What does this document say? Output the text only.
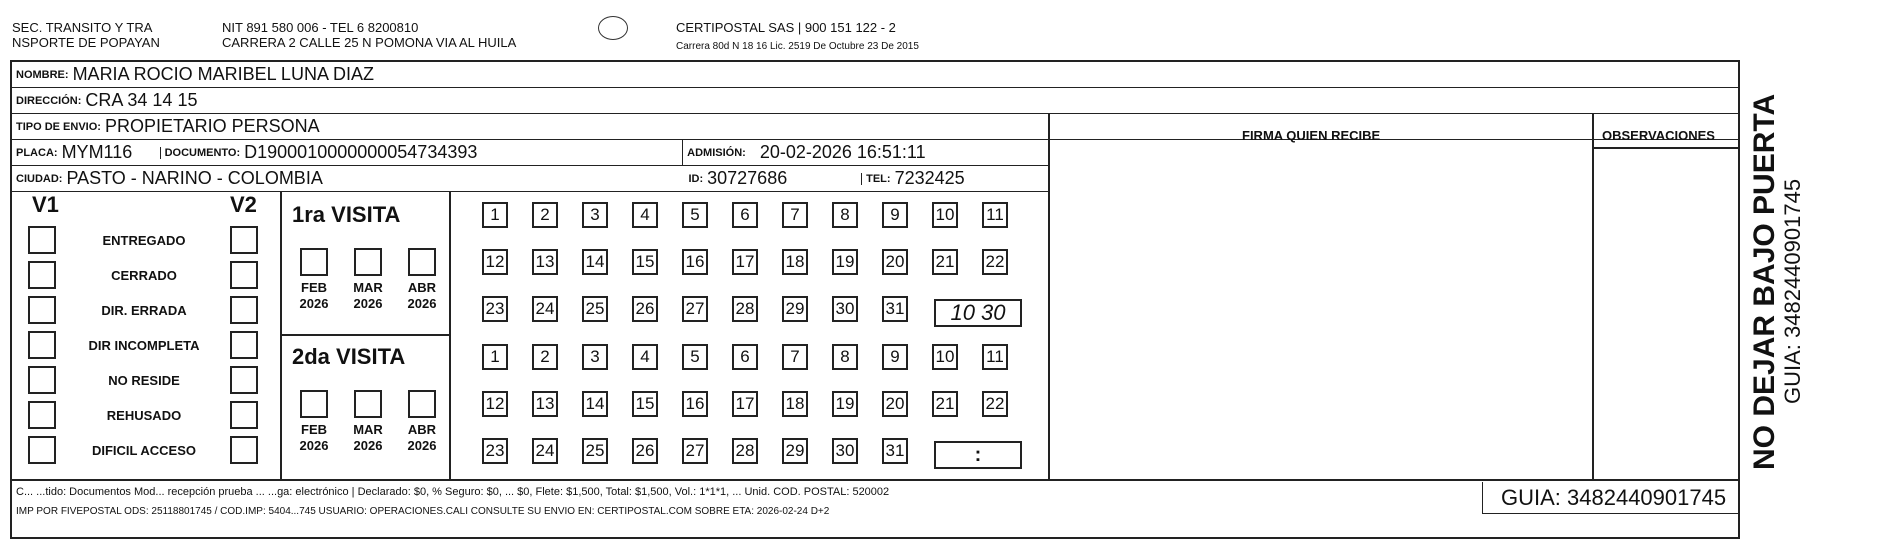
SEC. TRANSITO Y TRA
NSPORTE DE POPAYAN
NIT 891 580 006 - TEL 6 8200810
CARRERA 2 CALLE 25 N POMONA VIA AL HUILA
CERTIPOSTAL SAS | 900 151 122 - 2
Carrera 80d N 18 16 Lic. 2519 De Octubre 23 De 2015
NOMBRE: MARIA ROCIO MARIBEL LUNA DIAZ
DIRECCIÓN: CRA 34 14 15
TIPO DE ENVIO: PROPIETARIO PERSONA
PLACA: MYM116	DOCUMENTO: D1900010000000054734393	ADMISIÓN: 20-02-2026 16:51:11
CIUDAD: PASTO - NARINO - COLOMBIA	ID: 30727686	TEL: 7232425
FIRMA QUIEN RECIBE	OBSERVACIONES
V1	V2
ENTREGADO
CERRADO
DIR. ERRADA
DIR INCOMPLETA
NO RESIDE
REHUSADO
DIFICIL ACCESO
1ra VISITA
2da VISITA
FEB
2026
MAR
2026
ABR
2026
FEB
2026
MAR
2026
ABR
2026
1	2	3	4	5	6	7	8	9	10 11
12 13 14 15 16 17 18 19 20 21 22
23 24 25 26 27 28 29 30 31
1	2	3	4	5	6	7	8	9	10 11
12 13 14 15 16 17 18 19 20 21 22
23 24 25 26 27 28 29 30 31
10 30
:
C... ...tido: Documentos Mod... recepción prueba ... ...ga: electrónico | Declarado: $0, % Seguro: $0, ... $0, Flete: $1,500, Total: $1,500, Vol.: 1*1*1, ... Unid. COD. POSTAL: 520002
IMP POR FIVEPOSTAL ODS: 25118801745 / COD.IMP: 5404...745 USUARIO: OPERACIONES.CALI CONSULTE SU ENVIO EN: CERTIPOSTAL.COM SOBRE ETA: 2026-02-24 D+2
GUIA: 3482440901745
NO DEJAR BAJO PUERTA GUIA: 3482440901745
